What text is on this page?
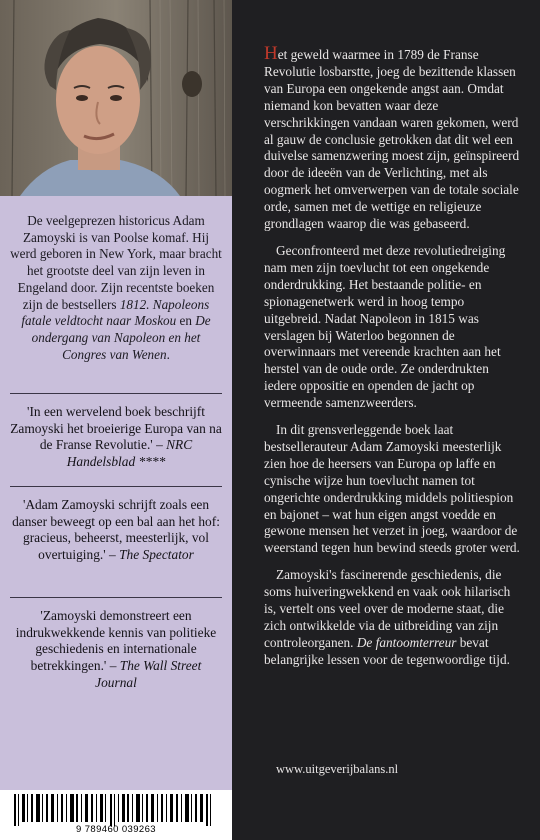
De veelgeprezen historicus Adam Zamoyski is van Poolse komaf. Hij werd geboren in New York, maar bracht het grootste deel van zijn leven in Engeland door. Zijn recentste boeken zijn de bestsellers 1812. Napoleons fatale veldtocht naar Moskou en De ondergang van Napoleon en het Congres van Wenen.
'In een wervelend boek beschrijft Zamoyski het broeierige Europa van na de Franse Revolutie.' – NRC Handelsblad ****
'Adam Zamoyski schrijft zoals een danser beweegt op een bal aan het hof: gracieus, beheerst, meesterlijk, vol overtuiging.' – The Spectator
'Zamoyski demonstreert een indrukwekkende kennis van politieke geschiedenis en internationale betrekkingen.' – The Wall Street Journal
9 789460 039263

Het geweld waarmee in 1789 de Franse Revolutie losbarstte, joeg de bezittende klassen van Europa een ongekende angst aan. Omdat niemand kon bevatten waar deze verschrikkingen vandaan waren gekomen, werd al gauw de conclusie getrokken dat dit wel een duivelse samenzwering moest zijn, geïnspireerd door de ideeën van de Verlichting, met als oogmerk het omverwerpen van de totale sociale orde, samen met de wettige en religieuze grondlagen waarop die was gebaseerd.

Geconfronteerd met deze revolutiedreiging nam men zijn toevlucht tot een ongekende onderdrukking. Het bestaande politie- en spionagenetwerk werd in hoog tempo uitgebreid. Nadat Napoleon in 1815 was verslagen bij Waterloo begonnen de overwinnaars met vereende krachten aan het herstel van de oude orde. Ze onderdrukten iedere oppositie en openden de jacht op vermeende samenzweerders.

In dit grensverleggende boek laat bestsellerauteur Adam Zamoyski meesterlijk zien hoe de heersers van Europa op laffe en cynische wijze hun toevlucht namen tot ongerichte onderdrukking middels politiespion en bajonet – wat hun eigen angst voedde en gewone mensen het verzet in joeg, waardoor de weerstand tegen hun bewind steeds groter werd.

Zamoyski's fascinerende geschiedenis, die soms huiveringwekkend en vaak ook hilarisch is, vertelt ons veel over de moderne staat, die zich ontwikkelde via de uitbreiding van zijn controleorganen. De fantoomterreur bevat belangrijke lessen voor de tegenwoordige tijd.

www.uitgeverijbalans.nl
